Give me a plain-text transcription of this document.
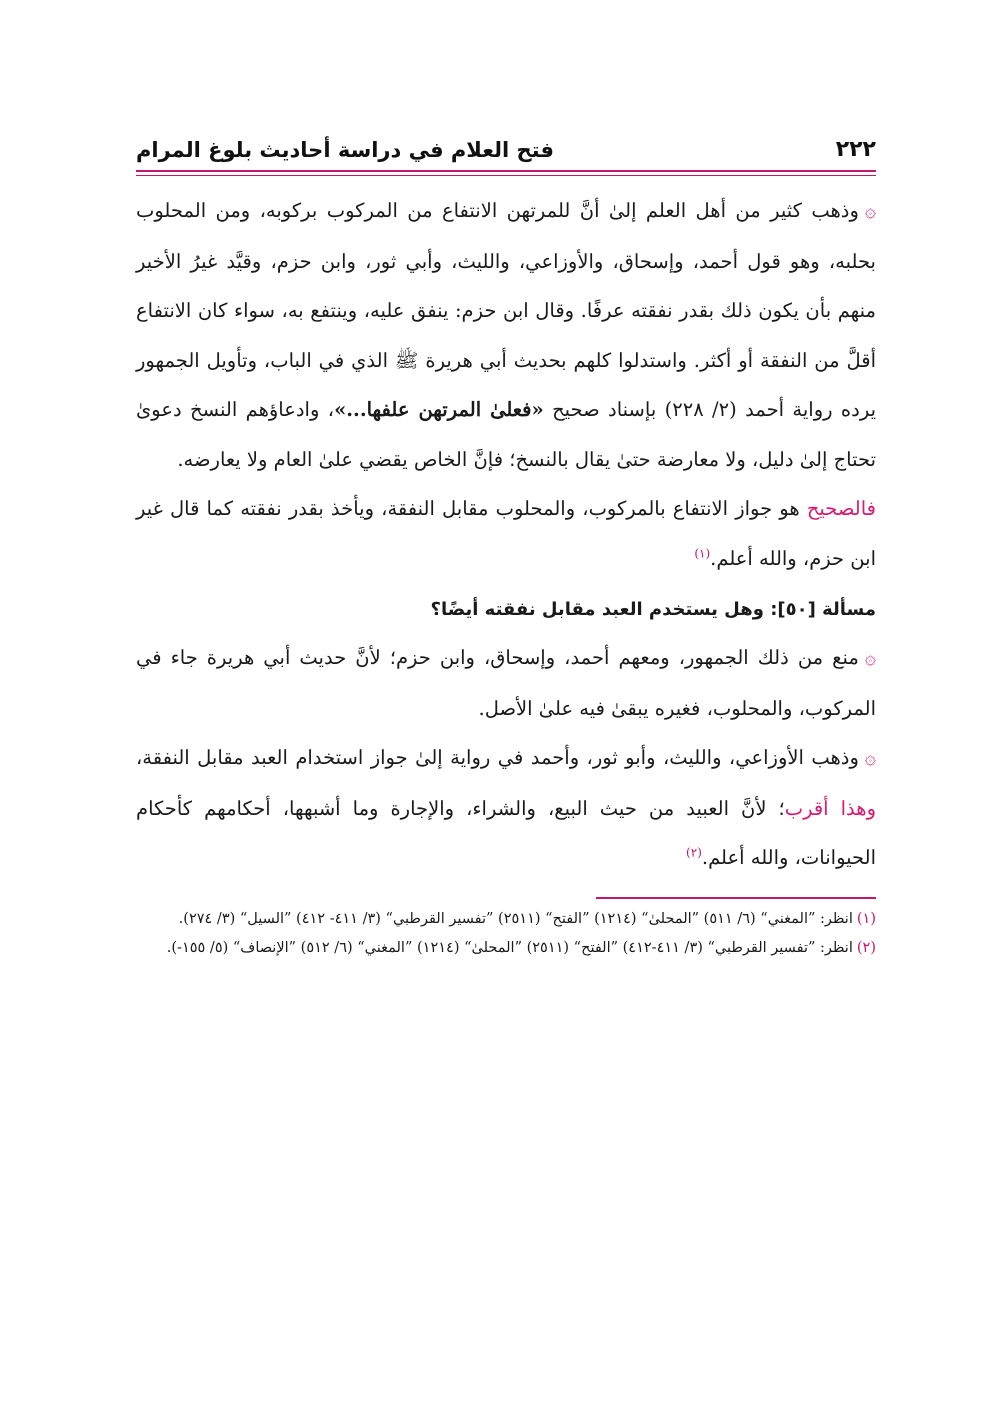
٢٢٢
فتح العلام في دراسة أحاديث بلوغ المرام

۞وذهب كثير من أهل العلم إلىٰ أنَّ للمرتهن الانتفاع من المركوب بركوبه، ومن المحلوب بحلبه، وهو قول أحمد، وإسحاق، والأوزاعي، والليث، وأبي ثور، وابن حزم، وقيَّد غيرُ الأخير منهم بأن يكون ذلك بقدر نفقته عرفًا. وقال ابن حزم: ينفق عليه، وينتفع به، سواء كان الانتفاع أقلَّ من النفقة أو أكثر. واستدلوا كلهم بحديث أبي هريرة ﷺ الذي في الباب، وتأويل الجمهور يرده رواية أحمد (٢/ ٢٢٨) بإسناد صحيح «فعلىٰ المرتهن علفها...»، وادعاؤهم النسخ دعوىٰ تحتاج إلىٰ دليل، ولا معارضة حتىٰ يقال بالنسخ؛ فإنَّ الخاص يقضي علىٰ العام ولا يعارضه.

فالصحيح هو جواز الانتفاع بالمركوب، والمحلوب مقابل النفقة، ويأخذ بقدر نفقته كما قال غير ابن حزم، والله أعلم.$^{(١)}$

مسألة [٥٠]: وهل يستخدم العبد مقابل نفقته أيضًا؟

۞منع من ذلك الجمهور، ومعهم أحمد، وإسحاق، وابن حزم؛ لأنَّ حديث أبي هريرة جاء في المركوب، والمحلوب، فغيره يبقىٰ فيه علىٰ الأصل.

۞وذهب الأوزاعي، والليث، وأبو ثور، وأحمد في رواية إلىٰ جواز استخدام العبد مقابل النفقة، وهذا أقرب؛ لأنَّ العبيد من حيث البيع، والشراء، والإجارة وما أشبهها، أحكامهم كأحكام الحيوانات، والله أعلم.$^{(٢)}$

(١)انظر: ”المغني“ (٦/ ٥١١) ”المحلىٰ“ (١٢١٤) ”الفتح“ (٢٥١١) ”تفسير القرطبي“ (٣/ ٤١١- ٤١٢) ”السيل“ (٣/ ٢٧٤).

(٢)انظر: ”تفسير القرطبي“ (٣/ ٤١١-٤١٢) ”الفتح“ (٢٥١١) ”المحلىٰ“ (١٢١٤) ”المغني“ (٦/ ٥١٢) ”الإنصاف“ (٥/ ١٥٥-).
